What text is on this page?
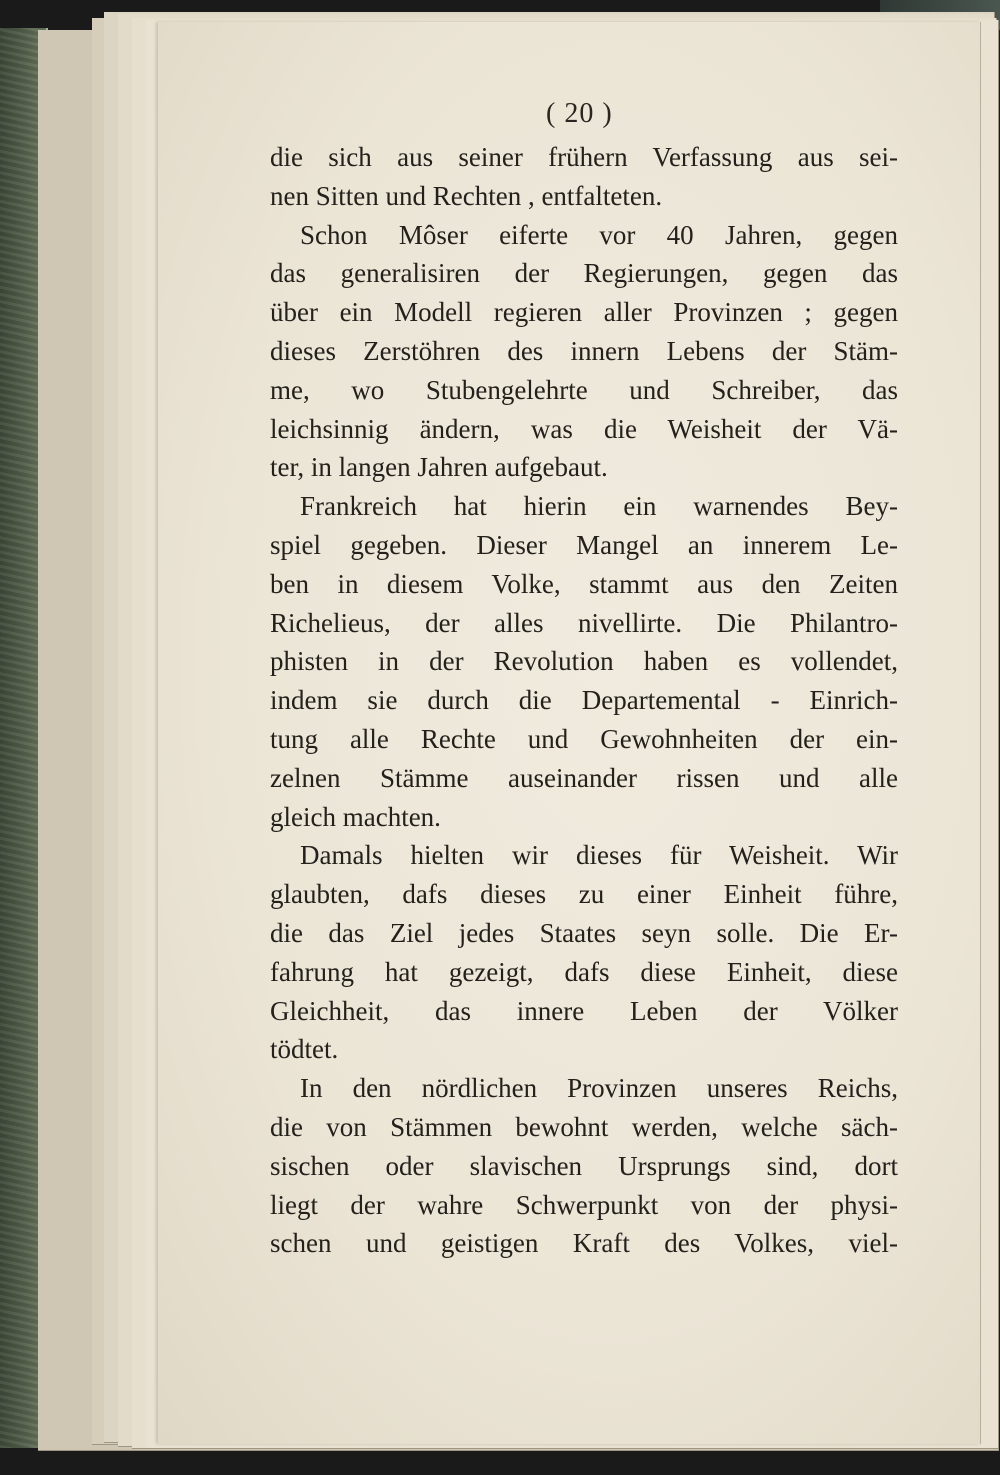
( 20 )
die sich aus seiner frühern Verfassung aus sei-
nen Sitten und Rechten , entfalteten.
Schon Môser eiferte vor 40 Jahren, gegen
das generalisiren der Regierungen, gegen das
über ein Modell regieren aller Provinzen ; gegen
dieses Zerstöhren des innern Lebens der Stäm-
me, wo Stubengelehrte und Schreiber, das
leichsinnig ändern, was die Weisheit der Vä-
ter, in langen Jahren aufgebaut.
Frankreich hat hierin ein warnendes Bey-
spiel gegeben. Dieser Mangel an innerem Le-
ben in diesem Volke, stammt aus den Zeiten
Richelieus, der alles nivellirte. Die Philantro-
phisten in der Revolution haben es vollendet,
indem sie durch die Departemental - Einrich-
tung alle Rechte und Gewohnheiten der ein-
zelnen Stämme auseinander rissen und alle
gleich machten.
Damals hielten wir dieses für Weisheit. Wir
glaubten, dafs dieses zu einer Einheit führe,
die das Ziel jedes Staates seyn solle. Die Er-
fahrung hat gezeigt, dafs diese Einheit, diese
Gleichheit, das innere Leben der Völker
tödtet.
In den nördlichen Provinzen unseres Reichs,
die von Stämmen bewohnt werden, welche säch-
sischen oder slavischen Ursprungs sind, dort
liegt der wahre Schwerpunkt von der physi-
schen und geistigen Kraft des Volkes, viel-
